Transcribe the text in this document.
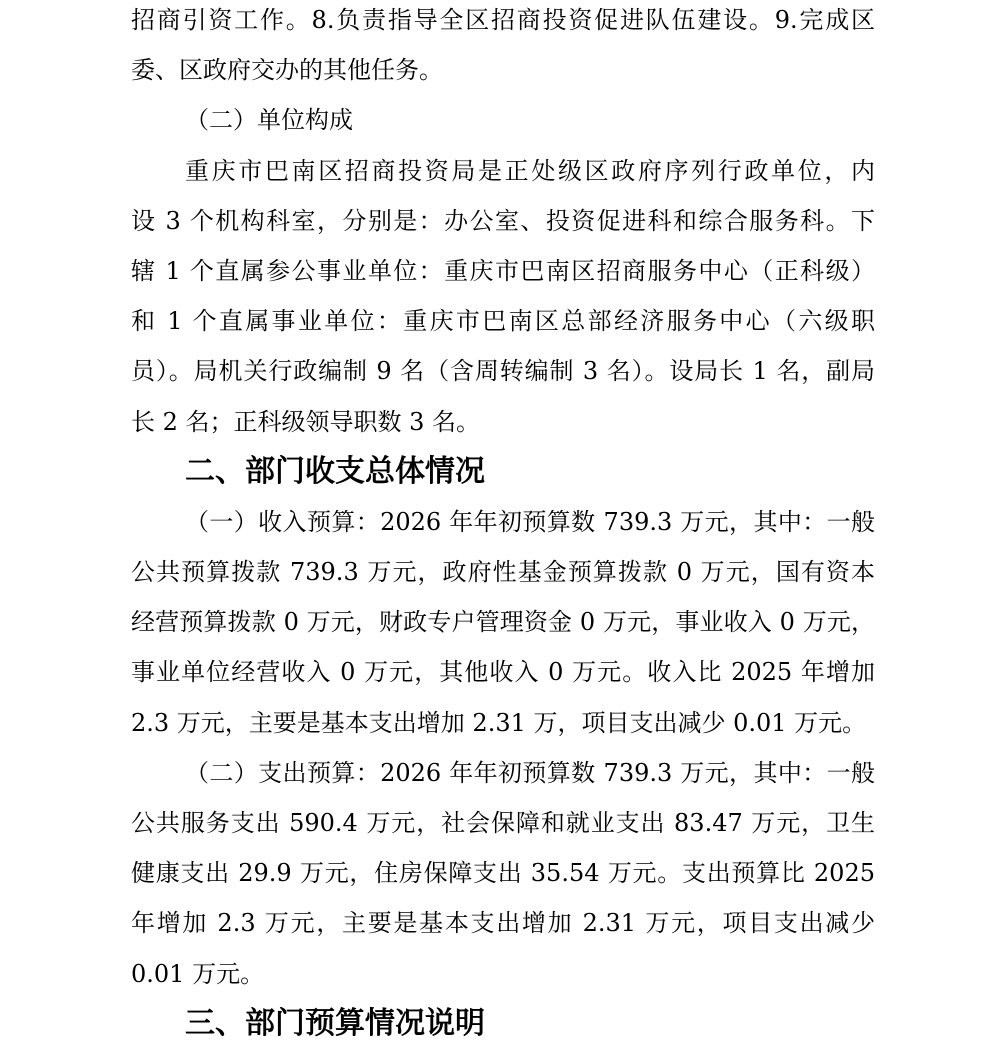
招商引资工作。8.负责指导全区招商投资促进队伍建设。9.完成区
委、区政府交办的其他任务。
（二）单位构成
重庆市巴南区招商投资局是正处级区政府序列行政单位，内
设 3 个机构科室，分别是：办公室、投资促进科和综合服务科。下
辖 1 个直属参公事业单位：重庆市巴南区招商服务中心（正科级）
和 1 个直属事业单位：重庆市巴南区总部经济服务中心（六级职
员）。局机关行政编制 9 名（含周转编制 3 名）。设局长 1 名，副局
长 2 名；正科级领导职数 3 名。
二、部门收支总体情况
（一）收入预算：2026 年年初预算数 739.3 万元，其中：一般
公共预算拨款 739.3 万元，政府性基金预算拨款 0 万元，国有资本
经营预算拨款 0 万元，财政专户管理资金 0 万元，事业收入 0 万元，
事业单位经营收入 0 万元，其他收入 0 万元。收入比 2025 年增加
2.3 万元，主要是基本支出增加 2.31 万，项目支出减少 0.01 万元。
（二）支出预算：2026 年年初预算数 739.3 万元，其中：一般
公共服务支出 590.4 万元，社会保障和就业支出 83.47 万元，卫生
健康支出 29.9 万元，住房保障支出 35.54 万元。支出预算比 2025
年增加 2.3 万元，主要是基本支出增加 2.31 万元，项目支出减少
0.01 万元。
三、部门预算情况说明
